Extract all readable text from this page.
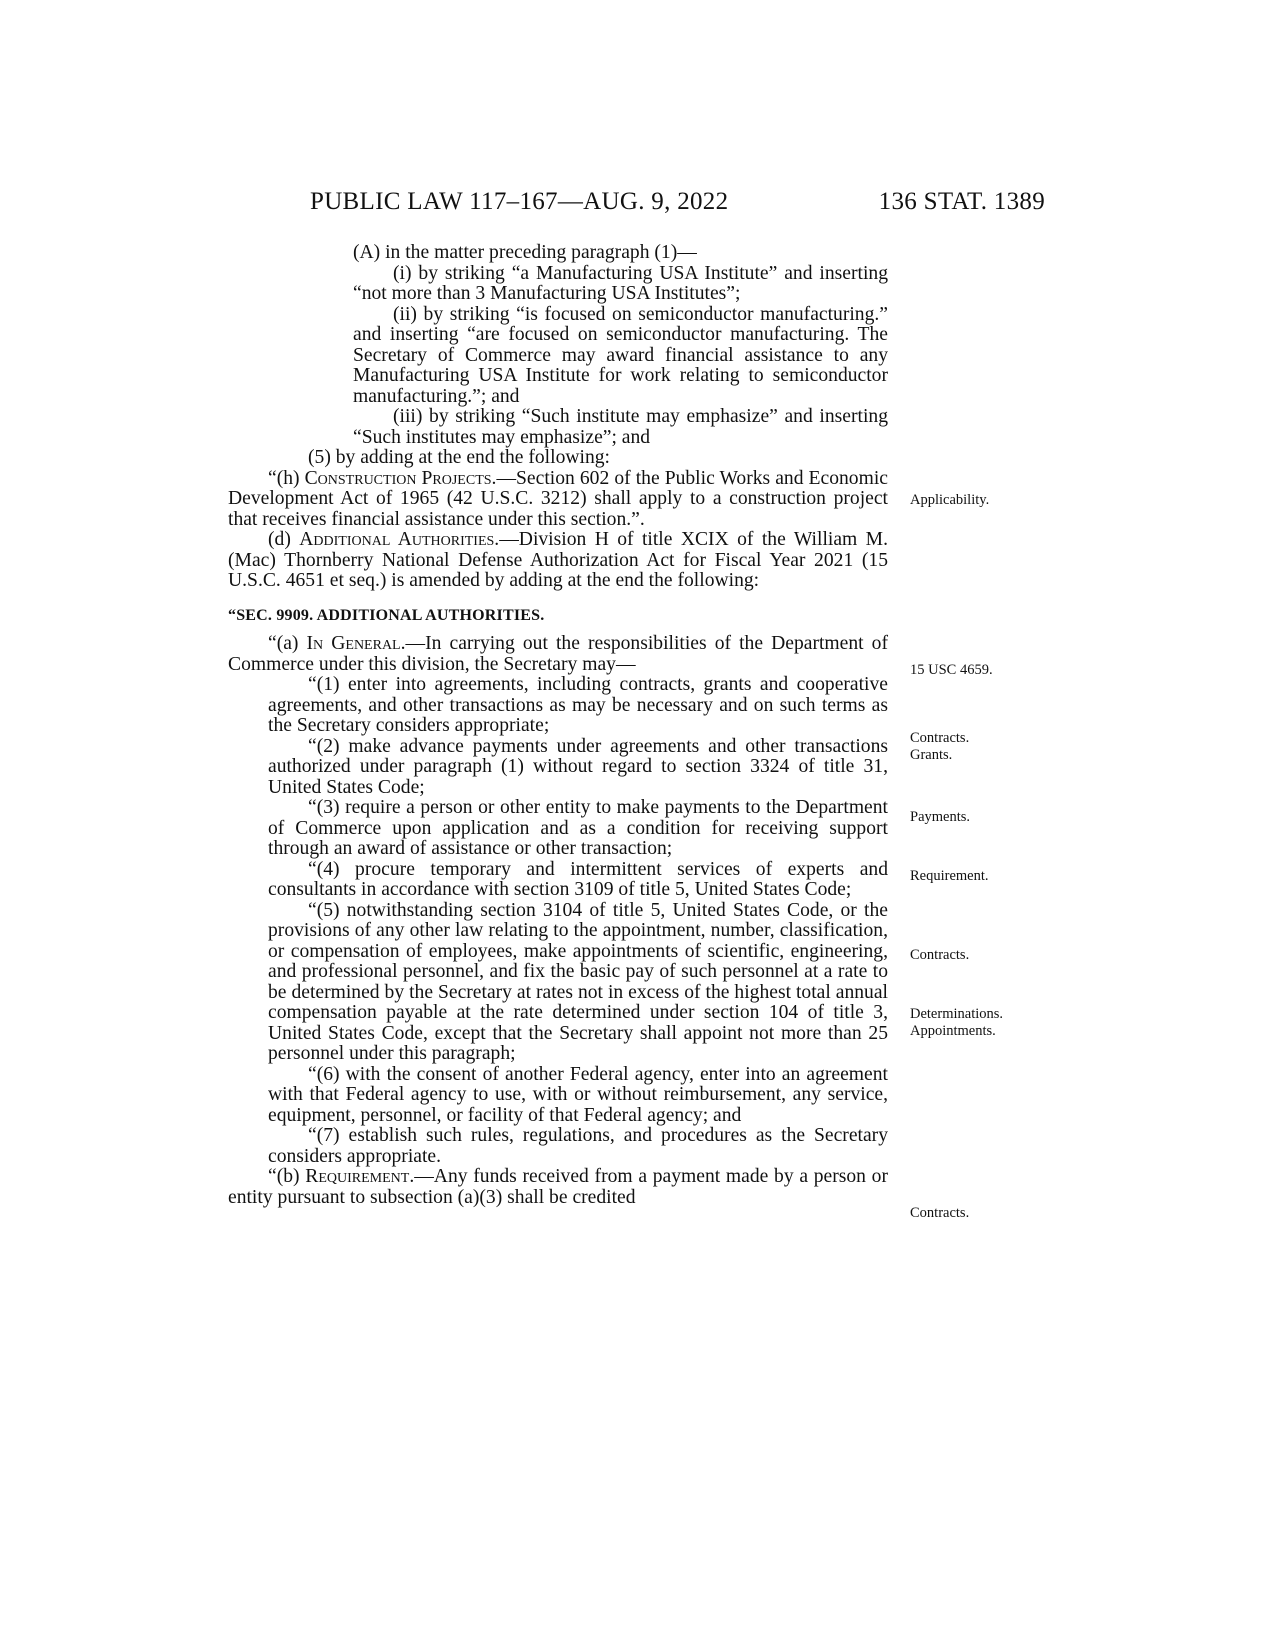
PUBLIC LAW 117–167—AUG. 9, 2022	136 STAT. 1389

(A) in the matter preceding paragraph (1)—

(i) by striking “a Manufacturing USA Institute” and inserting “not more than 3 Manufacturing USA Institutes”;

(ii) by striking “is focused on semiconductor manufacturing.” and inserting “are focused on semiconductor manufacturing. The Secretary of Commerce may award financial assistance to any Manufacturing USA Institute for work relating to semiconductor manufacturing.”; and

(iii) by striking “Such institute may emphasize” and inserting “Such institutes may emphasize”; and

(5) by adding at the end the following:

“(h) Construction Projects.—Section 602 of the Public Works and Economic Development Act of 1965 (42 U.S.C. 3212) shall apply to a construction project that receives financial assistance under this section.”.

(d) Additional Authorities.—Division H of title XCIX of the William M. (Mac) Thornberry National Defense Authorization Act for Fiscal Year 2021 (15 U.S.C. 4651 et seq.) is amended by adding at the end the following:

“SEC. 9909. ADDITIONAL AUTHORITIES.

“(a) In General.—In carrying out the responsibilities of the Department of Commerce under this division, the Secretary may—

“(1) enter into agreements, including contracts, grants and cooperative agreements, and other transactions as may be necessary and on such terms as the Secretary considers appropriate;

“(2) make advance payments under agreements and other transactions authorized under paragraph (1) without regard to section 3324 of title 31, United States Code;

“(3) require a person or other entity to make payments to the Department of Commerce upon application and as a condition for receiving support through an award of assistance or other transaction;

“(4) procure temporary and intermittent services of experts and consultants in accordance with section 3109 of title 5, United States Code;

“(5) notwithstanding section 3104 of title 5, United States Code, or the provisions of any other law relating to the appointment, number, classification, or compensation of employees, make appointments of scientific, engineering, and professional personnel, and fix the basic pay of such personnel at a rate to be determined by the Secretary at rates not in excess of the highest total annual compensation payable at the rate determined under section 104 of title 3, United States Code, except that the Secretary shall appoint not more than 25 personnel under this paragraph;

“(6) with the consent of another Federal agency, enter into an agreement with that Federal agency to use, with or without reimbursement, any service, equipment, personnel, or facility of that Federal agency; and

“(7) establish such rules, regulations, and procedures as the Secretary considers appropriate.

“(b) Requirement.—Any funds received from a payment made by a person or entity pursuant to subsection (a)(3) shall be credited

Applicability.
15 USC 4659.
Contracts.
Grants.
Payments.
Requirement.
Contracts.
Determinations.
Appointments.
Contracts.
